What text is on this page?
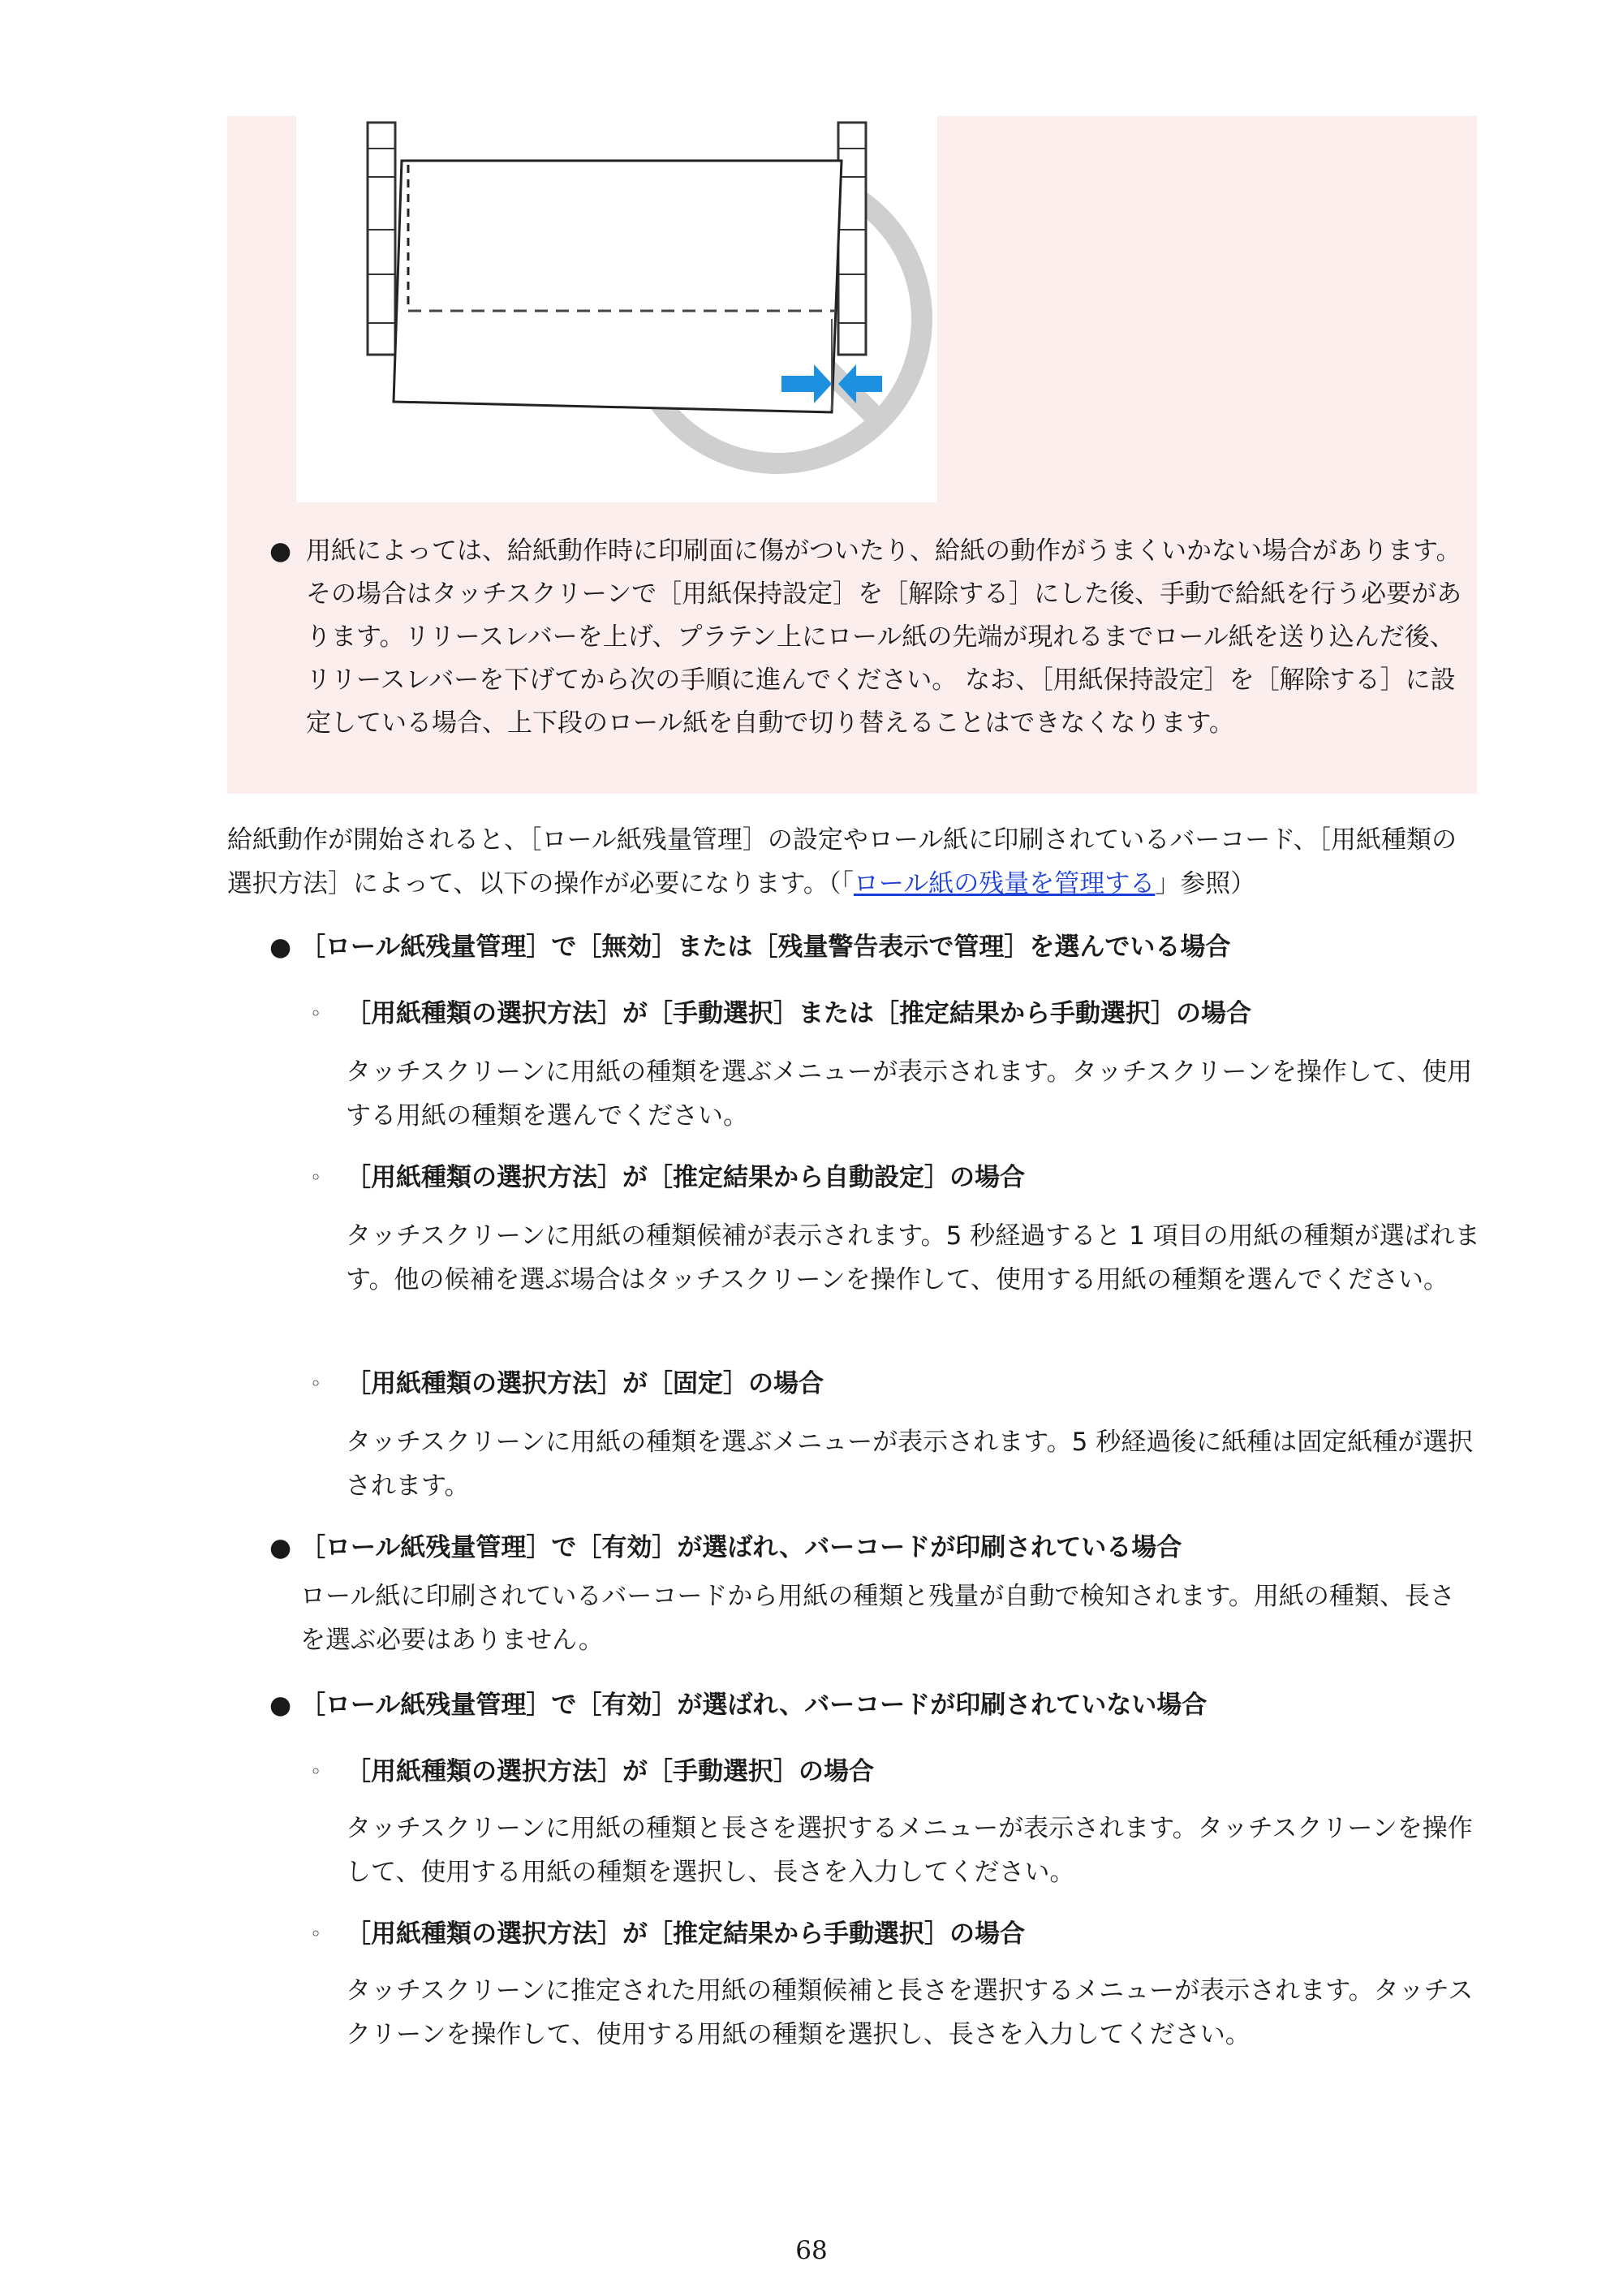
● 用紙によっては、給紙動作時に印刷面に傷がついたり、給紙の動作がうまくいかない場合があります。その場合はタッチスクリーンで［用紙保持設定］を［解除する］にした後、手動で給紙を行う必要があります。リリースレバーを上げ、プラテン上にロール紙の先端が現れるまでロール紙を送り込んだ後、リリースレバーを下げてから次の手順に進んでください。 なお、［用紙保持設定］を［解除する］に設定している場合、上下段のロール紙を自動で切り替えることはできなくなります。
給紙動作が開始されると、［ロール紙残量管理］の設定やロール紙に印刷されているバーコード、［用紙種類の選択方法］によって、以下の操作が必要になります。（「ロール紙の残量を管理する」参照）
● ［ロール紙残量管理］で［無効］または［残量警告表示で管理］を選んでいる場合
◦ ［用紙種類の選択方法］が［手動選択］または［推定結果から手動選択］の場合
タッチスクリーンに用紙の種類を選ぶメニューが表示されます。タッチスクリーンを操作して、使用する用紙の種類を選んでください。
◦ ［用紙種類の選択方法］が［推定結果から自動設定］の場合
タッチスクリーンに用紙の種類候補が表示されます。5 秒経過すると 1 項目の用紙の種類が選ばれます。他の候補を選ぶ場合はタッチスクリーンを操作して、使用する用紙の種類を選んでください。
◦ ［用紙種類の選択方法］が［固定］の場合
タッチスクリーンに用紙の種類を選ぶメニューが表示されます。5 秒経過後に紙種は固定紙種が選択されます。
● ［ロール紙残量管理］で［有効］が選ばれ、バーコードが印刷されている場合
ロール紙に印刷されているバーコードから用紙の種類と残量が自動で検知されます。用紙の種類、長さを選ぶ必要はありません。
● ［ロール紙残量管理］で［有効］が選ばれ、バーコードが印刷されていない場合
◦ ［用紙種類の選択方法］が［手動選択］の場合
タッチスクリーンに用紙の種類と長さを選択するメニューが表示されます。タッチスクリーンを操作して、使用する用紙の種類を選択し、長さを入力してください。
◦ ［用紙種類の選択方法］が［推定結果から手動選択］の場合
タッチスクリーンに推定された用紙の種類候補と長さを選択するメニューが表示されます。タッチスクリーンを操作して、使用する用紙の種類を選択し、長さを入力してください。
68
